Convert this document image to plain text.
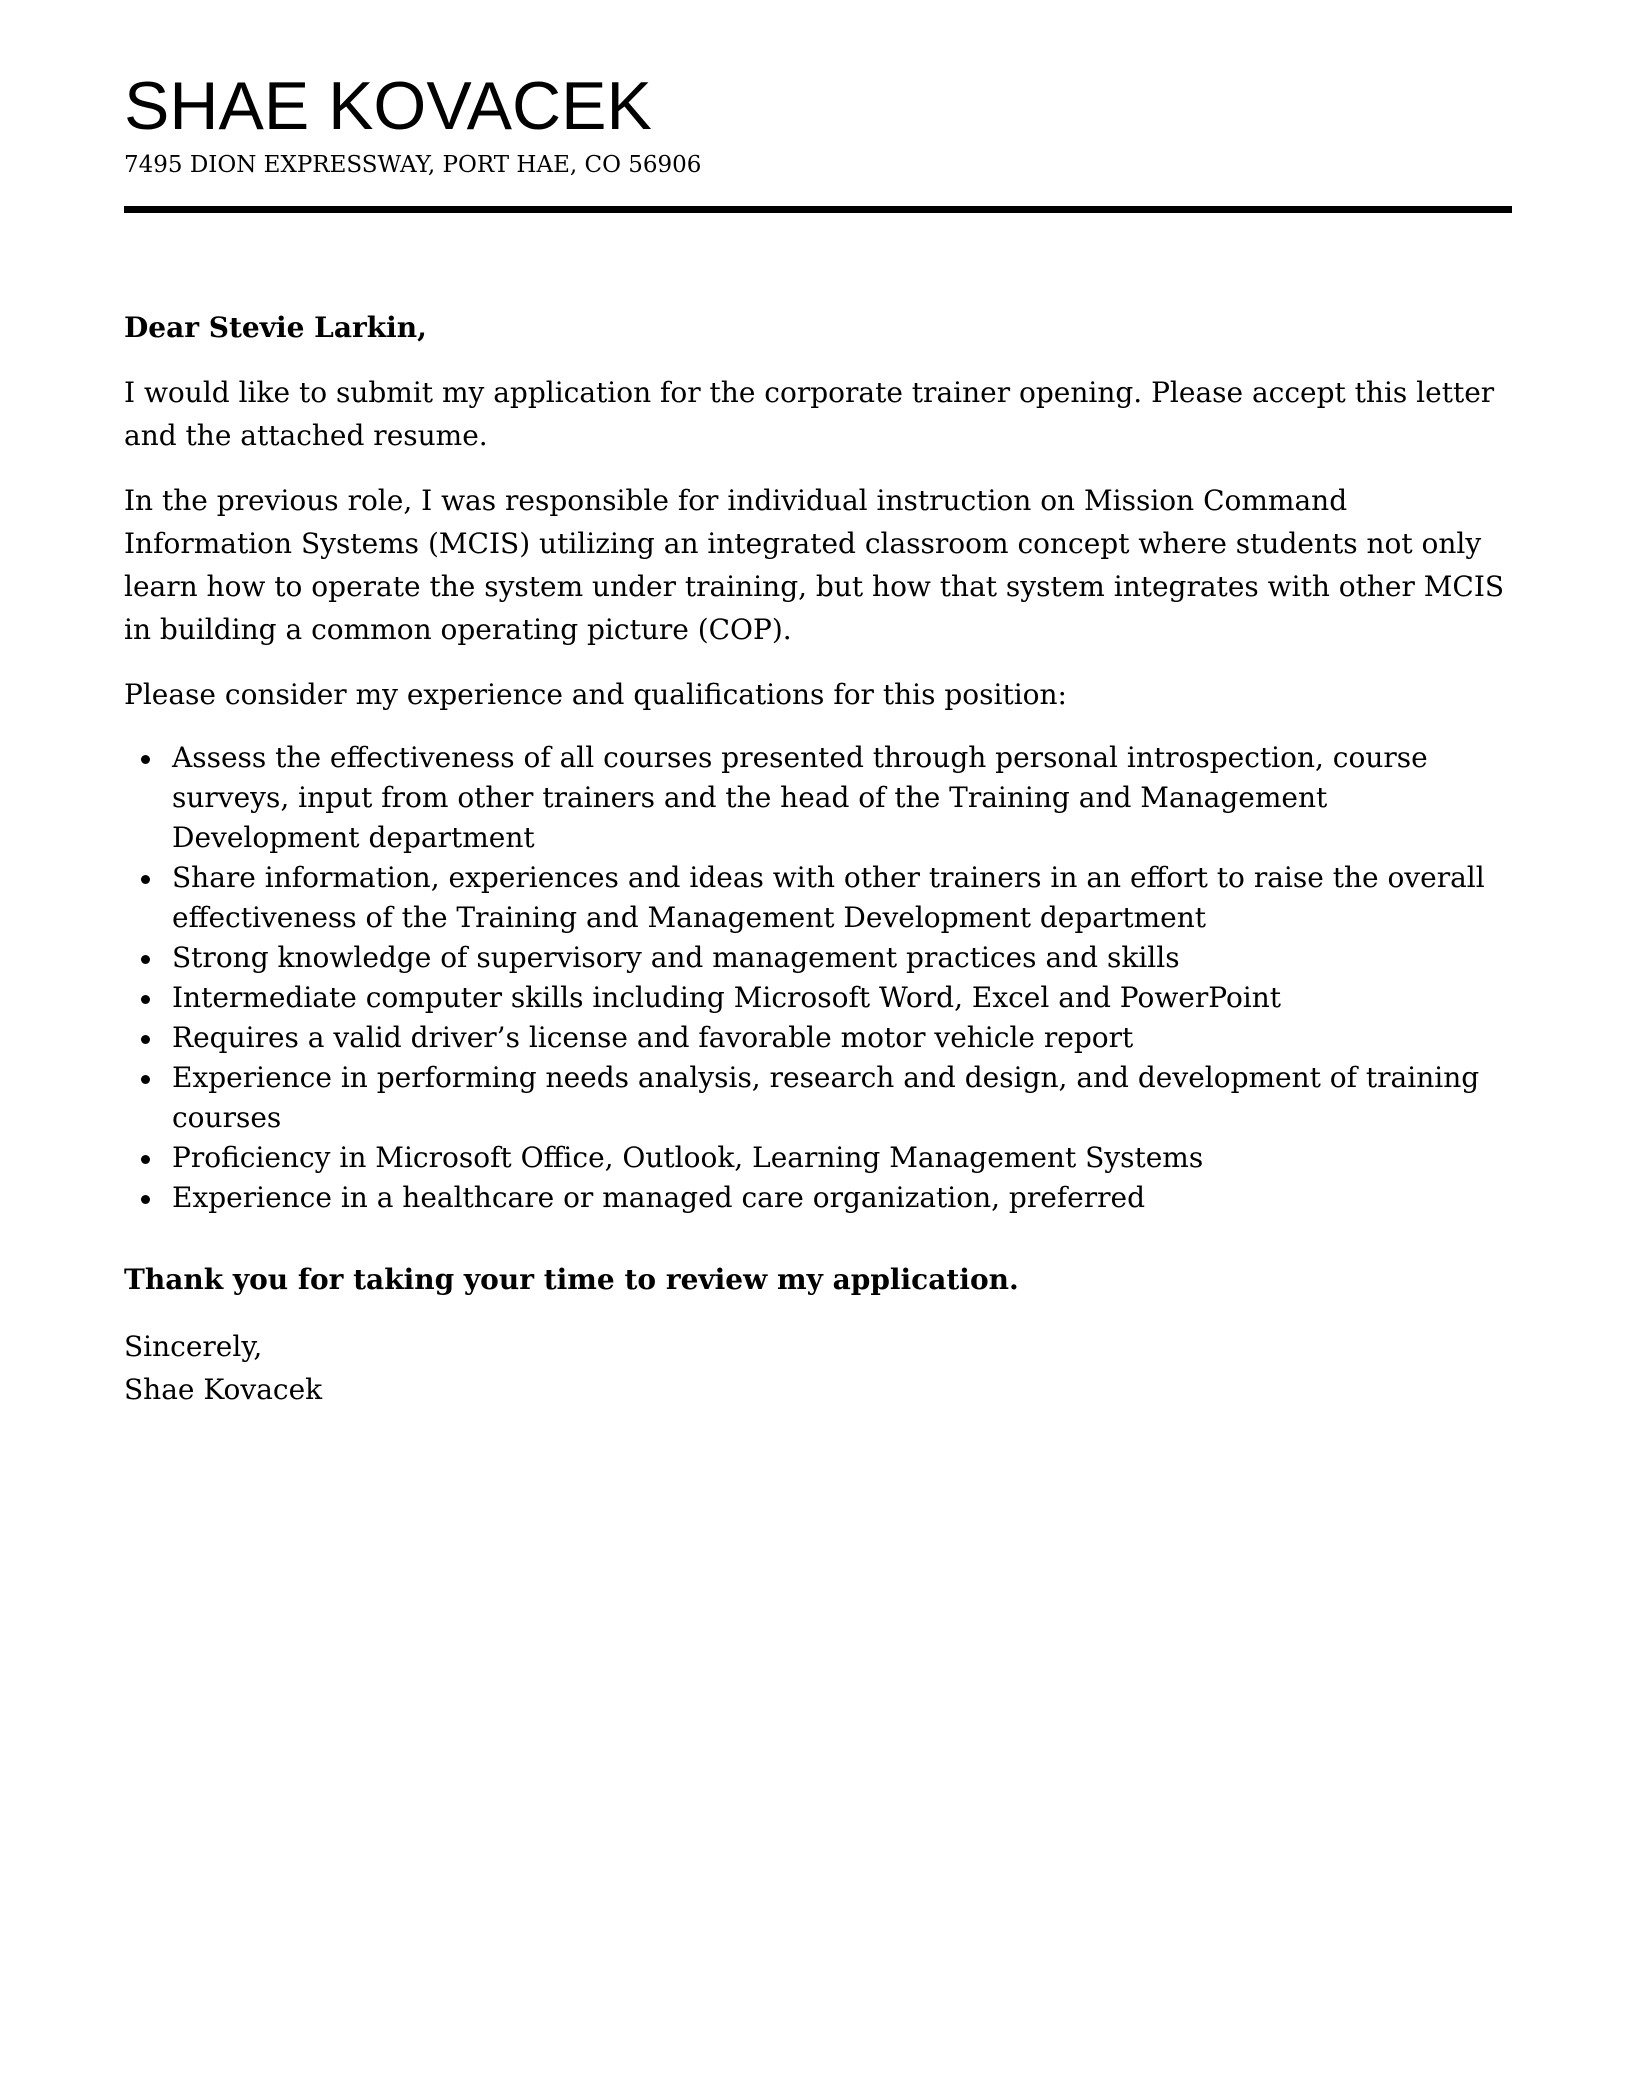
SHAE KOVACEK
7495 DION EXPRESSWAY, PORT HAE, CO 56906

Dear Stevie Larkin,

I would like to submit my application for the corporate trainer opening. Please accept this letter and the attached resume.

In the previous role, I was responsible for individual instruction on Mission Command Information Systems (MCIS) utilizing an integrated classroom concept where students not only learn how to operate the system under training, but how that system integrates with other MCIS in building a common operating picture (COP).

Please consider my experience and qualifications for this position:

Assess the effectiveness of all courses presented through personal introspection, course surveys, input from other trainers and the head of the Training and Management Development department
Share information, experiences and ideas with other trainers in an effort to raise the overall effectiveness of the Training and Management Development department
Strong knowledge of supervisory and management practices and skills
Intermediate computer skills including Microsoft Word, Excel and PowerPoint
Requires a valid driver’s license and favorable motor vehicle report
Experience in performing needs analysis, research and design, and development of training courses
Proficiency in Microsoft Office, Outlook, Learning Management Systems
Experience in a healthcare or managed care organization, preferred

Thank you for taking your time to review my application.

Sincerely,
Shae Kovacek
